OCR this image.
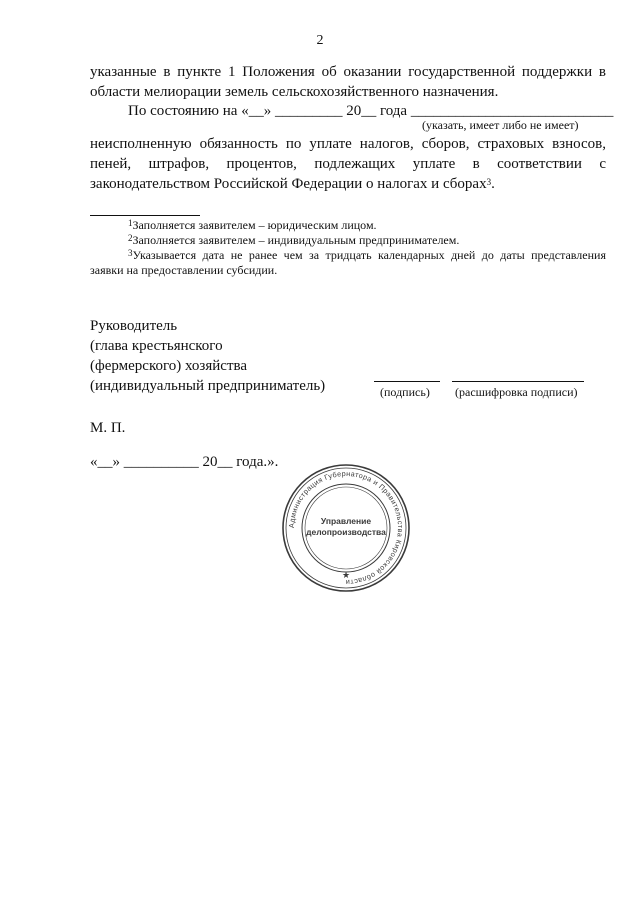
2
указанные в пункте 1 Положения об оказании государственной поддержки в
области мелиорации земель сельскохозяйственного назначения.
По состоянию на «__» _________ 20__ года ___________________________
(указать, имеет либо не имеет)
неисполненную обязанность по уплате налогов, сборов, страховых взносов,
пеней, штрафов, процентов, подлежащих уплате в соответствии с
законодательством Российской Федерации о налогах и сборах$^3$.
$^1$Заполняется заявителем – юридическим лицом.
$^2$Заполняется заявителем – индивидуальным предпринимателем.
$^3$Указывается дата не ранее чем за тридцать календарных дней до даты представления
заявки на предоставлении субсидии.
Руководитель
(глава крестьянского
(фермерского) хозяйства
(индивидуальный предприниматель)	(подпись) (расшифровка подписи)
М. П.
«__» __________ 20__ года.».
Администрация Губернатора и Правительства Кировской области
Управление
делопроизводства
★
